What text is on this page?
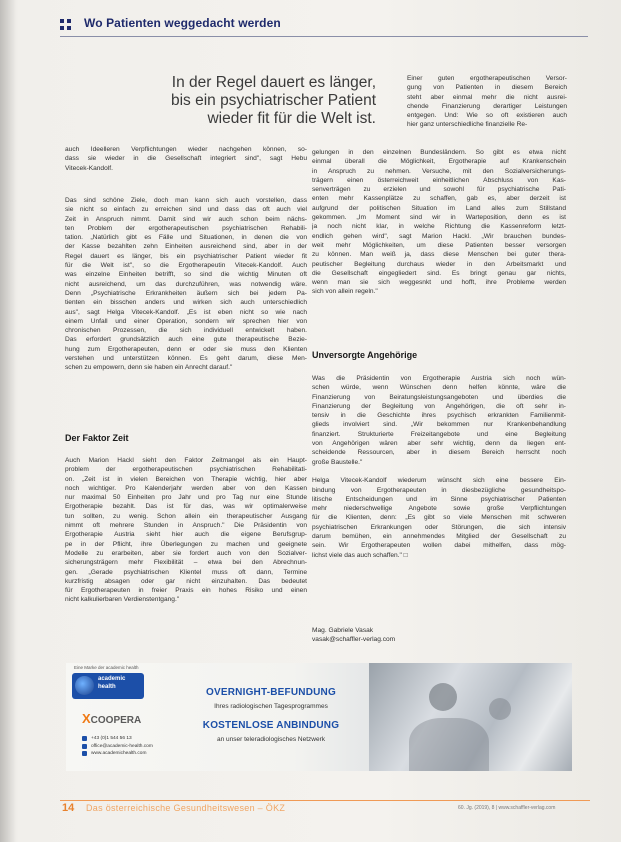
Wo Patienten weggedacht werden
In der Regel dauert es länger,
bis ein psychiatrischer Patient
wieder fit für die Welt ist.
Einer guten ergotherapeutischen Versor-
gung von Patienten in diesem Bereich
steht aber einmal mehr die nicht ausrei-
chende Finanzierung derartiger Leistungen
entgegen. Und: Wie so oft existieren auch
hier ganz unterschiedliche finanzielle Re-
auch Ideelleren Verpflichtungen wieder nachgehen können, so-
dass sie wieder in die Gesellschaft integriert sind", sagt Hebu
Vitecek-Kandolf.

Das sind schöne Ziele, doch man kann sich auch vorstellen, dass
sie nicht so einfach zu erreichen sind und dass das oft auch viel
Zeit in Anspruch nimmt. Damit sind wir auch schon beim nächs-
ten Problem der ergotherapeutischen psychiatrischen Rehabili-
tation. „Natürlich gibt es Fälle und Situationen, in denen die von
der Kasse bezahlten zehn Einheiten ausreichend sind, aber in der
Regel dauert es länger, bis ein psychiatrischer Patient wieder fit
für die Welt ist", so die Ergotherapeutin Vitecek-Kandolf. Auch
was einzelne Einheiten betrifft, so sind die wichtig Minuten oft
nicht ausreichend, um das durchzuführen, was notwendig wäre.
Denn „Psychiatrische Erkrankheiten äußern sich bei jedem Pa-
tienten ein bisschen anders und wirken sich auch unterschiedlich
aus", sagt Helga Vitecek-Kandolf. „Es ist eben nicht so wie nach
einem Unfall und einer Operation, sondern wir sprechen hier von
chronischen Prozessen, die sich individuell entwickelt haben.
Das erfordert grundsätzlich auch eine gute therapeutische Bezie-
hung zum Ergotherapeuten, denn er oder sie muss den Klienten
verstehen und unterstützen können. Es geht darum, diese Men-
schen zu empowern, denn sie haben ein Anrecht darauf."

Der Faktor Zeit

Auch Marion Hackl sieht den Faktor Zeitmangel als ein Haupt-
problem der ergotherapeutischen psychiatrischen Rehabilitati-
on. „Zeit ist in vielen Bereichen von Therapie wichtig, hier aber
noch wichtiger. Pro Kalenderjahr werden aber von den Kassen
nur maximal 50 Einheiten pro Jahr und pro Tag nur eine Stunde
Ergotherapie bezahlt. Das ist für das, was wir optimalerweise
tun sollten, zu wenig. Schon allein ein therapeutischer Ausgang
nimmt oft mehrere Stunden in Anspruch." Die Präsidentin von
Ergotherapie Austria sieht hier auch die eigene Berufsgrup-
pe in der Pflicht, ihre Überlegungen zu machen und geeignete
Modelle zu erarbeiten, aber sie fordert auch von den Sozialver-
sicherungsträgern mehr Flexibilität – etwa bei den Abrechnun-
gen. „Gerade psychiatrischen Klientel muss oft dann, Termine
kurzfristig absagen oder gar nicht einzuhalten. Das bedeutet
für Ergotherapeuten in freier Praxis ein hohes Risiko und einen
nicht kalkulierbaren Verdienstentgang."

gelungen in den einzelnen Bundesländern. So gibt es etwa nicht
einmal überall die Möglichkeit, Ergotherapie auf Krankenschein
in Anspruch zu nehmen. Versuche, mit den Sozialversicherungs-
trägern einen österreichweit einheitlichen Abschluss von Kas-
senverträgen zu erzielen und sowohl für psychiatrische Pati-
enten mehr Kassenplätze zu schaffen, gab es, aber derzeit ist
aufgrund der politischen Situation im Land alles zum Stillstand
gekommen. „Im Moment sind wir in Warteposition, denn es ist
ja noch nicht klar, in welche Richtung die Kassenreform letzt-
endlich gehen wird", sagt Marion Hackl. „Wir brauchen bundes-
weit mehr Möglichkeiten, um diese Patienten besser versorgen
zu können. Man weiß ja, dass diese Menschen bei guter thera-
peutischer Begleitung durchaus wieder in den Arbeitsmarkt und
die Gesellschaft eingegliedert sind. Es bringt genau gar nichts,
wenn man sie sich weggesnkt und hofft, ihre Probleme werden
sich von allein regeln."

Unversorgte Angehörige

Was die Präsidentin von Ergotherapie Austria sich noch wün-
schen würde, wenn Wünschen denn helfen könnte, wäre die
Finanzierung von Beiratungsleistungsangeboten und überdies die
Finanzierung der Begleitung von Angehörigen, die oft sehr in-
tensiv in die Geschichte ihres psychisch erkrankten Familienmit-
glieds involviert sind. „Wir bekommen nur Krankenbehandlung
finanziert. Strukturierte Freizeitangebote und eine Begleitung
von Angehörigen wären aber sehr wichtig, denn da liegen ent-
scheidende Ressourcen, aber in diesem Bereich herrscht noch
große Baustelle."

Helga Vitecek-Kandolf wiederum wünscht sich eine bessere Ein-
bindung von Ergotherapeuten in diesbezügliche gesundheitspo-
litische Entscheidungen und im Sinne psychiatrischer Patienten
mehr niederschwellige Angebote sowie große Verpflichtungen
für die Klienten, denn: „Es gibt so viele Menschen mit schweren
psychiatrischen Erkrankungen oder Störungen, die sich intensiv
darum bemühen, ein annehmendes Mitglied der Gesellschaft zu
sein. Wir Ergotherapeuten wollen dabei mithelfen, dass mög-
lichst viele das auch schaffen." □

Mag. Gabriele Vasak
vasak@schaffler-verlag.com
Eine Marke der academic health
academic
health
XCOOPERA
+43 (0)1 544 56 13
office@academic-health.com
www.academichealth.com
OVERNIGHT-BEFUNDUNG
Ihres radiologischen Tagesprogrammes
KOSTENLOSE ANBINDUNG
an unser teleradiologisches Netzwerk
14 Das österreichische Gesundheitswesen – ÖKZ	60. Jg. (2019), 8 | www.schaffler-verlag.com
